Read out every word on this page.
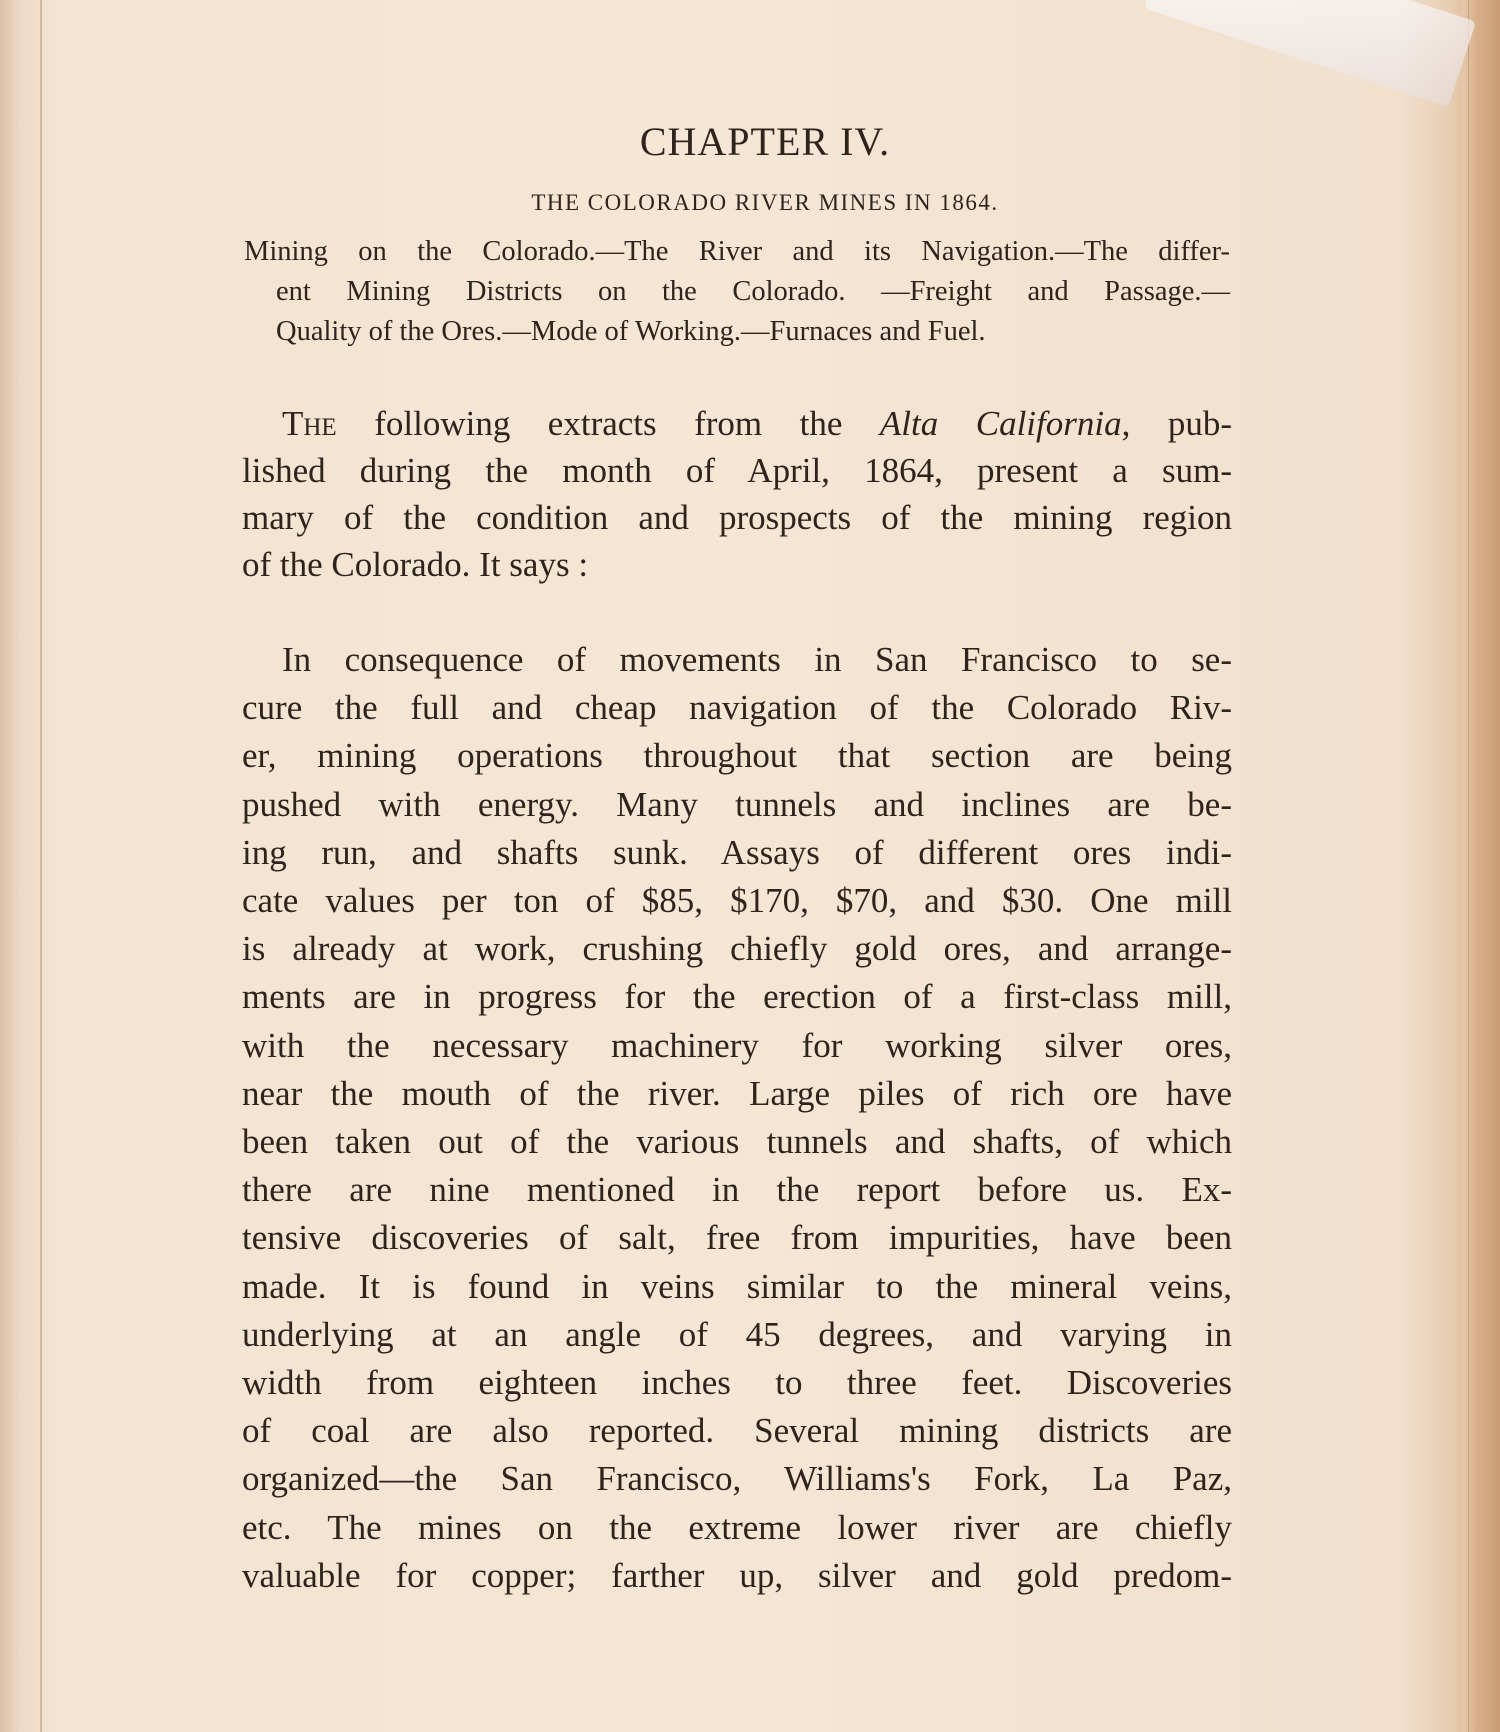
CHAPTER IV.
THE COLORADO RIVER MINES IN 1864.
Mining on the Colorado.—The River and its Navigation.—The differ-
ent Mining Districts on the Colorado. —Freight and Passage.—
Quality of the Ores.—Mode of Working.—Furnaces and Fuel.
The following extracts from the Alta California, pub-
lished during the month of April, 1864, present a sum-
mary of the condition and prospects of the mining region
of the Colorado. It says :
In consequence of movements in San Francisco to se-
cure the full and cheap navigation of the Colorado Riv-
er, mining operations throughout that section are being
pushed with energy. Many tunnels and inclines are be-
ing run, and shafts sunk. Assays of different ores indi-
cate values per ton of $85, $170, $70, and $30. One mill
is already at work, crushing chiefly gold ores, and arrange-
ments are in progress for the erection of a first-class mill,
with the necessary machinery for working silver ores,
near the mouth of the river. Large piles of rich ore have
been taken out of the various tunnels and shafts, of which
there are nine mentioned in the report before us. Ex-
tensive discoveries of salt, free from impurities, have been
made. It is found in veins similar to the mineral veins,
underlying at an angle of 45 degrees, and varying in
width from eighteen inches to three feet. Discoveries
of coal are also reported. Several mining districts are
organized—the San Francisco, Williams's Fork, La Paz,
etc. The mines on the extreme lower river are chiefly
valuable for copper; farther up, silver and gold predom-
